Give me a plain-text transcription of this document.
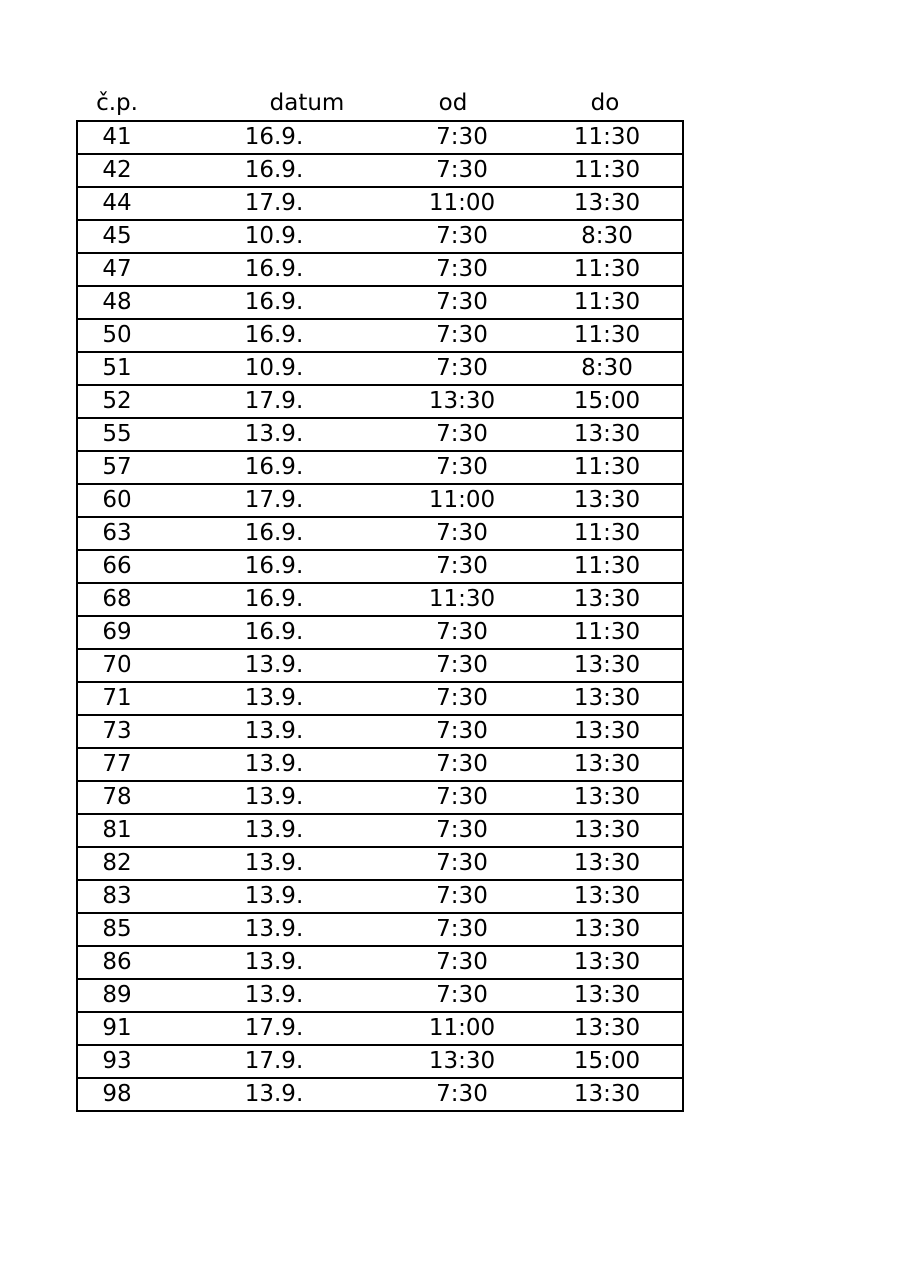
č.p.	datum	od	do
41	16.9.	7:30	11:30
42	16.9.	7:30	11:30
44	17.9.	11:00	13:30
45	10.9.	7:30	8:30
47	16.9.	7:30	11:30
48	16.9.	7:30	11:30
50	16.9.	7:30	11:30
51	10.9.	7:30	8:30
52	17.9.	13:30	15:00
55	13.9.	7:30	13:30
57	16.9.	7:30	11:30
60	17.9.	11:00	13:30
63	16.9.	7:30	11:30
66	16.9.	7:30	11:30
68	16.9.	11:30	13:30
69	16.9.	7:30	11:30
70	13.9.	7:30	13:30
71	13.9.	7:30	13:30
73	13.9.	7:30	13:30
77	13.9.	7:30	13:30
78	13.9.	7:30	13:30
81	13.9.	7:30	13:30
82	13.9.	7:30	13:30
83	13.9.	7:30	13:30
85	13.9.	7:30	13:30
86	13.9.	7:30	13:30
89	13.9.	7:30	13:30
91	17.9.	11:00	13:30
93	17.9.	13:30	15:00
98	13.9.	7:30	13:30
